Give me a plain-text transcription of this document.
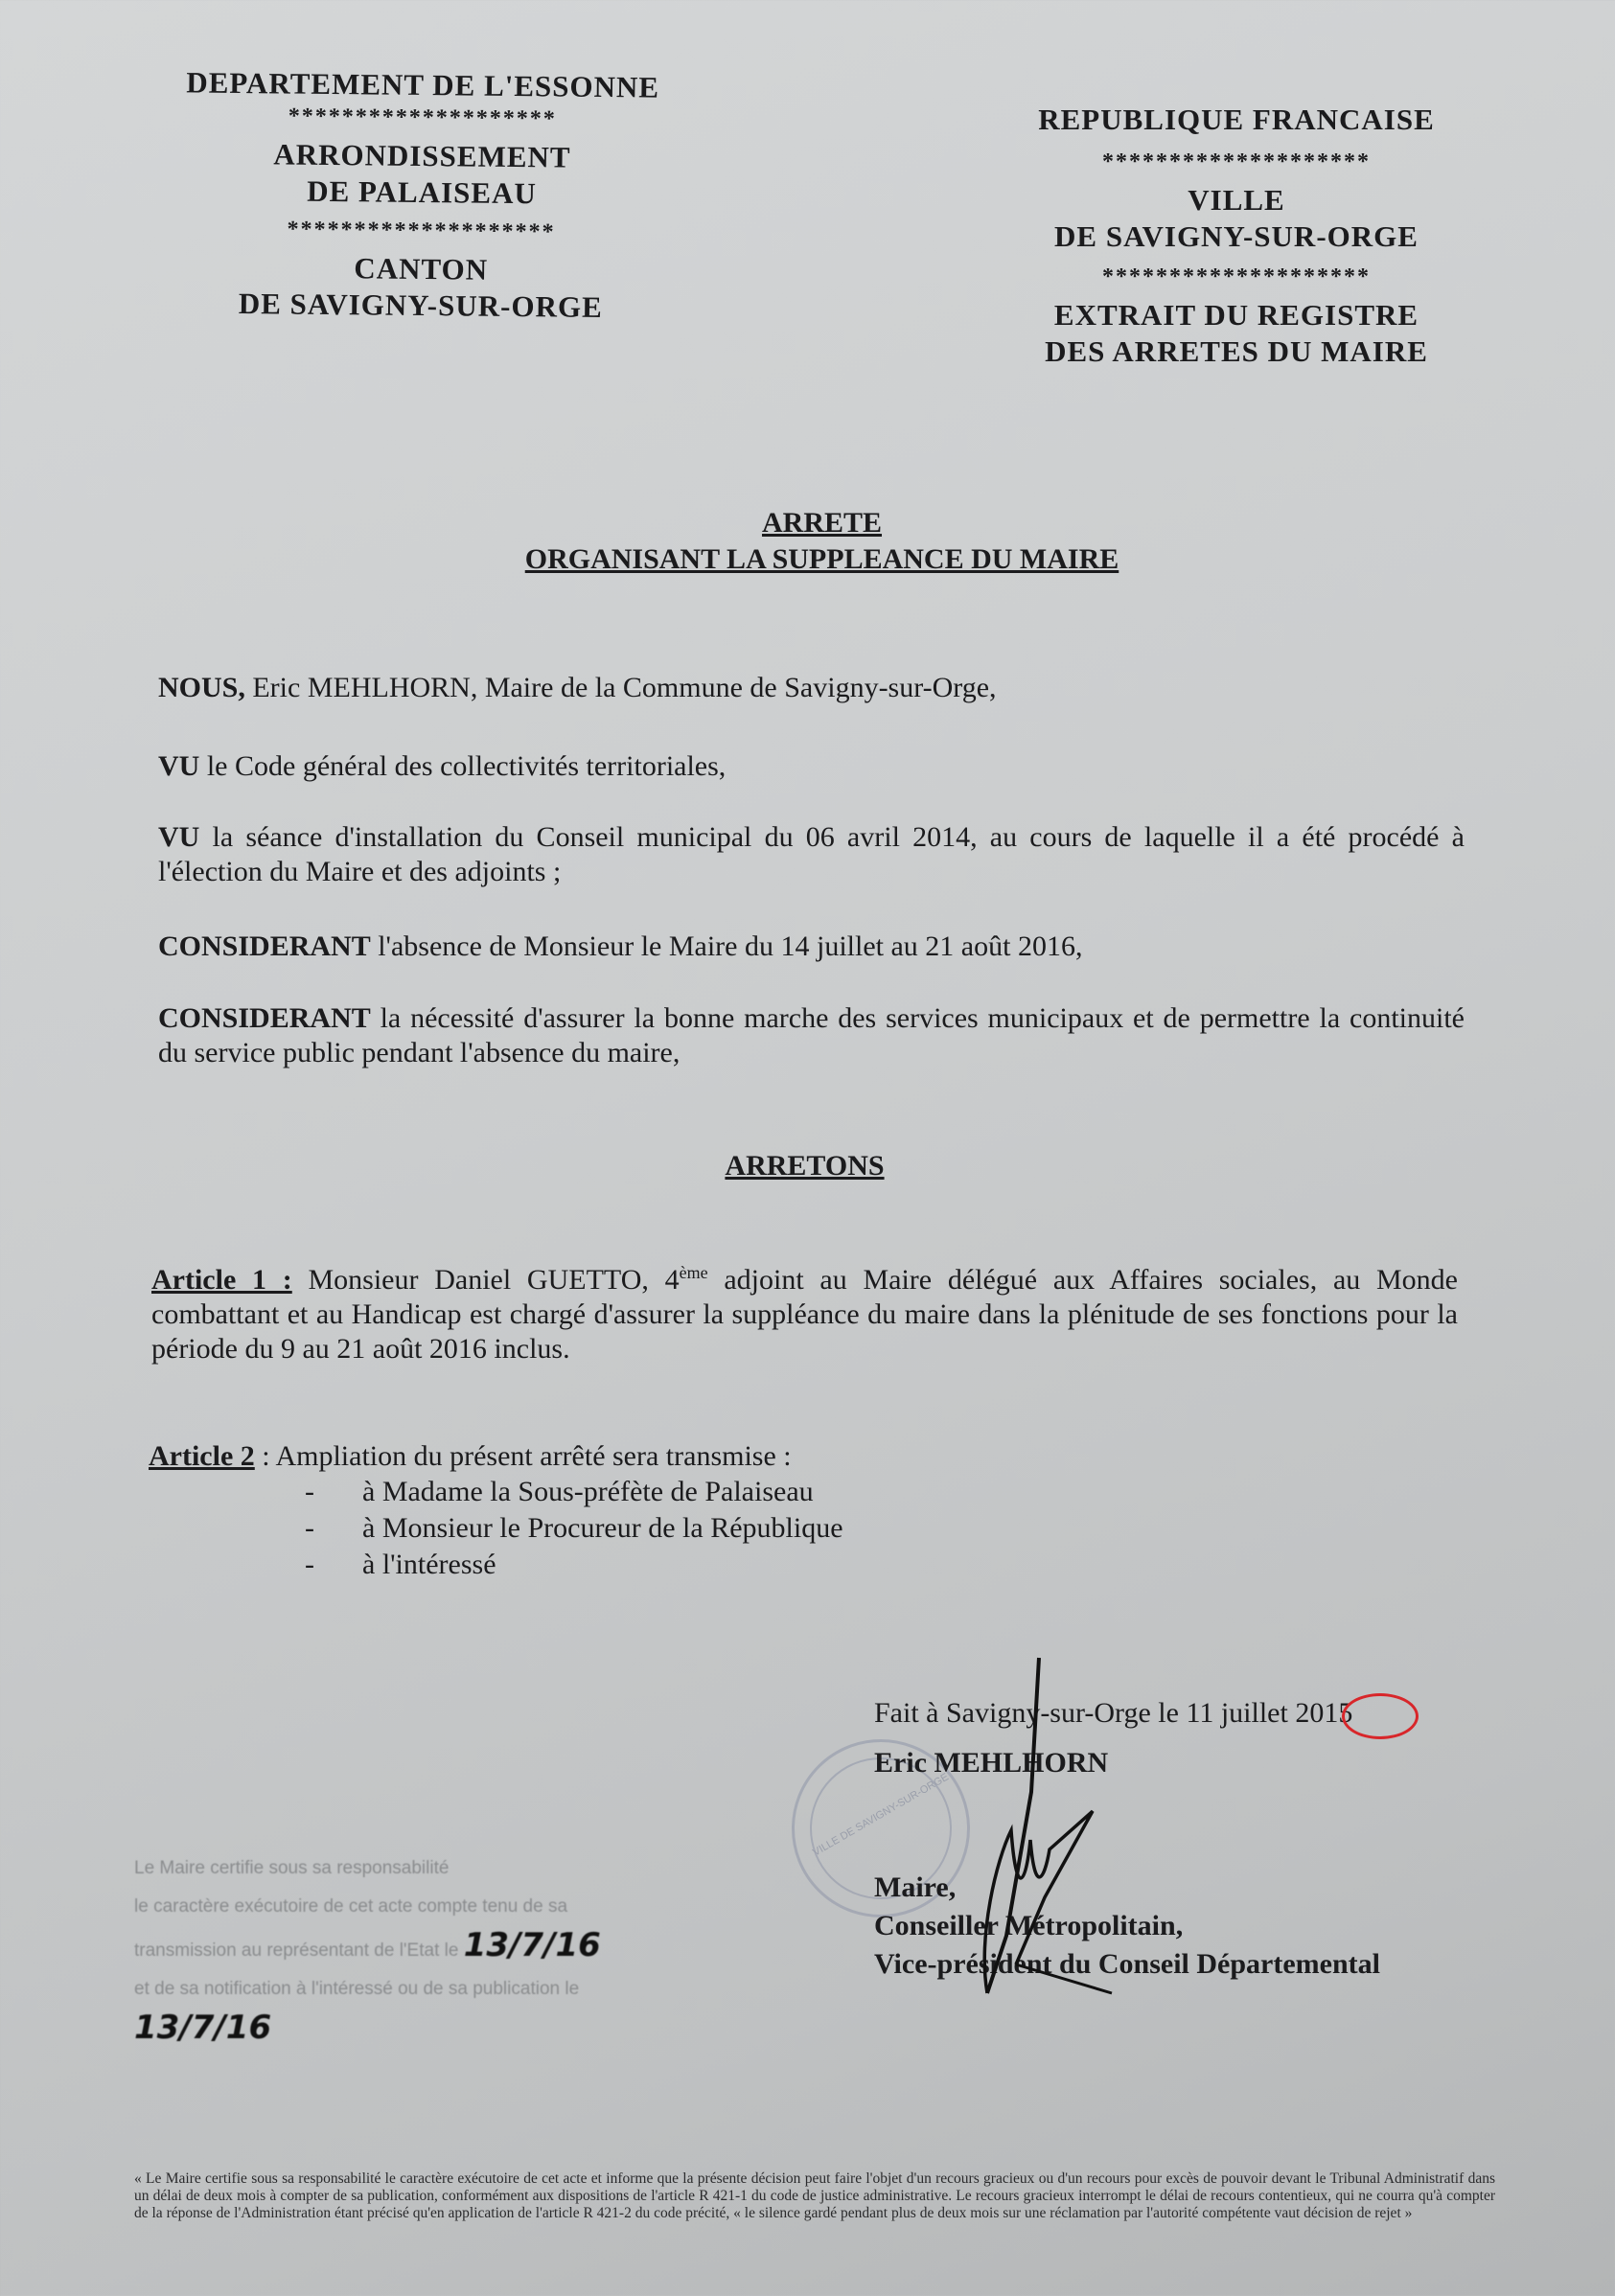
DEPARTEMENT DE L'ESSONNE
********************
ARRONDISSEMENT
DE PALAISEAU
********************
CANTON
DE SAVIGNY-SUR-ORGE
REPUBLIQUE FRANCAISE
********************
VILLE
DE SAVIGNY-SUR-ORGE
********************
EXTRAIT DU REGISTRE
DES ARRETES DU MAIRE
ARRETE
ORGANISANT LA SUPPLEANCE DU MAIRE
NOUS, Eric MEHLHORN, Maire de la Commune de Savigny-sur-Orge,
VU le Code général des collectivités territoriales,
VU la séance d'installation du Conseil municipal du 06 avril 2014, au cours de laquelle il a été procédé à l'élection du Maire et des adjoints ;
CONSIDERANT l'absence de Monsieur le Maire du 14 juillet au 21 août 2016,
CONSIDERANT la nécessité d'assurer la bonne marche des services municipaux et de permettre la continuité du service public pendant l'absence du maire,
ARRETONS
Article 1 : Monsieur Daniel GUETTO, 4ème adjoint au Maire délégué aux Affaires sociales, au Monde combattant et au Handicap est chargé d'assurer la suppléance du maire dans la plénitude de ses fonctions pour la période du 9 au 21 août 2016 inclus.
Article 2 : Ampliation du présent arrêté sera transmise :
- à Madame la Sous-préfète de Palaiseau
- à Monsieur le Procureur de la République
- à l'intéressé
VILLE DE SAVIGNY-SUR-ORGE
Fait à Savigny-sur-Orge le 11 juillet 2015
Eric MEHLHORN
Maire,
Conseiller Métropolitain,
Vice-président du Conseil Départemental
Le Maire certifie sous sa responsabilité
le caractère exécutoire de cet acte compte tenu de sa
transmission au représentant de l'Etat le 13/7/16
et de sa notification à l'intéressé ou de sa publication le 13/7/16
« Le Maire certifie sous sa responsabilité le caractère exécutoire de cet acte et informe que la présente décision peut faire l'objet d'un recours gracieux ou d'un recours pour excès de pouvoir devant le Tribunal Administratif dans un délai de deux mois à compter de sa publication, conformément aux dispositions de l'article R 421-1 du code de justice administrative. Le recours gracieux interrompt le délai de recours contentieux, qui ne courra qu'à compter de la réponse de l'Administration étant précisé qu'en application de l'article R 421-2 du code précité, « le silence gardé pendant plus de deux mois sur une réclamation par l'autorité compétente vaut décision de rejet »
